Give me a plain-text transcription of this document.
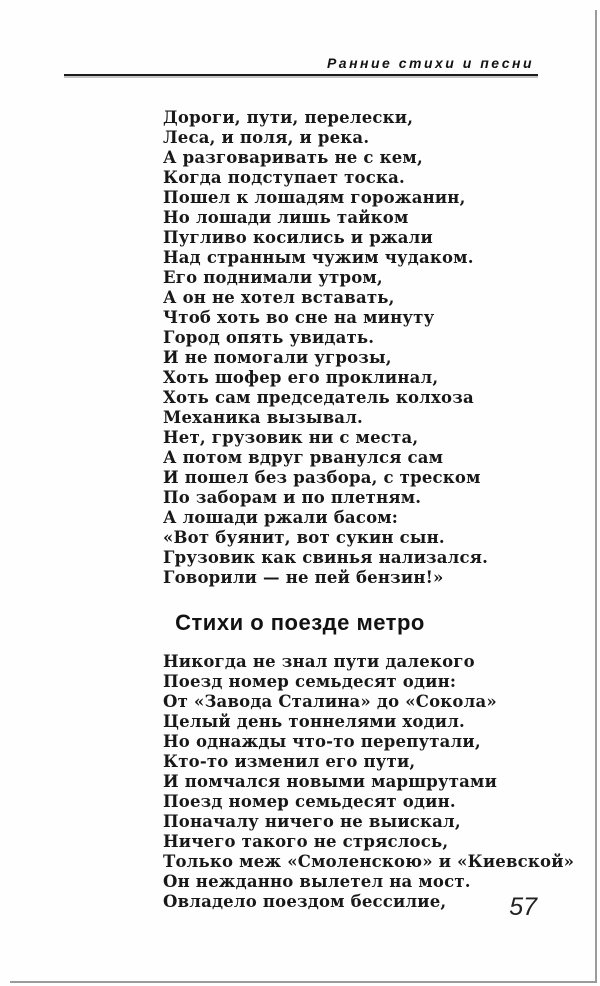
Ранние стихи и песни
Дороги, пути, перелески,
Леса, и поля, и река.
А разговаривать не с кем,
Когда подступает тоска.
Пошел к лошадям горожанин,
Но лошади лишь тайком
Пугливо косились и ржали
Над странным чужим чудаком.
Его поднимали утром,
А он не хотел вставать,
Чтоб хоть во сне на минуту
Город опять увидать.
И не помогали угрозы,
Хоть шофер его проклинал,
Хоть сам председатель колхоза
Механика вызывал.
Нет, грузовик ни с места,
А потом вдруг рванулся сам
И пошел без разбора, с треском
По заборам и по плетням.
А лошади ржали басом:
«Вот буянит, вот сукин сын.
Грузовик как свинья нализался.
Говорили — не пей бензин!»
Стихи о поезде метро
Никогда не знал пути далекого
Поезд номер семьдесят один:
От «Завода Сталина» до «Сокола»
Целый день тоннелями ходил.
Но однажды что-то перепутали,
Кто-то изменил его пути,
И помчался новыми маршрутами
Поезд номер семьдесят один.
Поначалу ничего не выискал,
Ничего такого не стряслось,
Только меж «Смоленскою» и «Киевской»
Он нежданно вылетел на мост.
Овладело поездом бессилие,	57
